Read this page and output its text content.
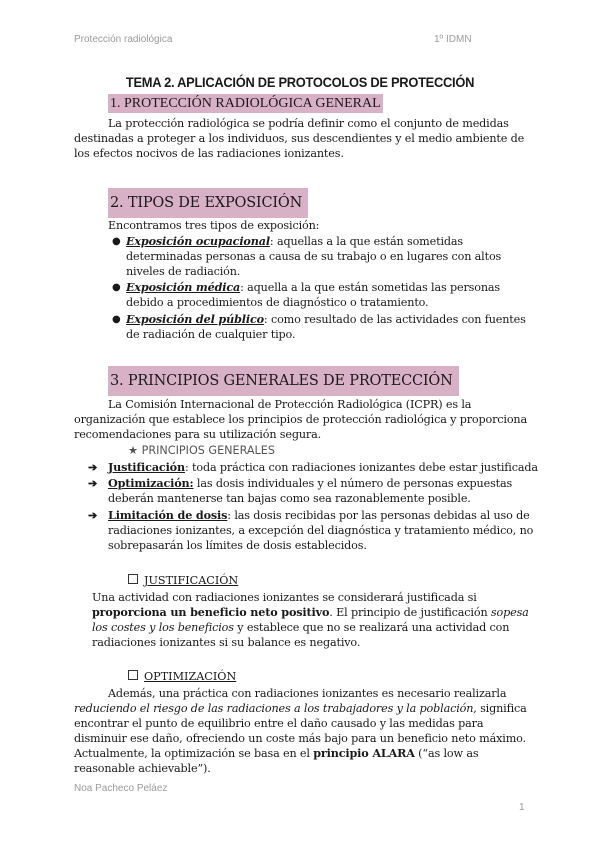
Protección radiológica	1º IDMN
TEMA 2. APLICACIÓN DE PROTOCOLOS DE PROTECCIÓN
1. PROTECCIÓN RADIOLÓGICA GENERAL

La protección radiológica se podría definir como el conjunto de medidas destinadas a proteger a los individuos, sus descendientes y el medio ambiente de los efectos nocivos de las radiaciones ionizantes.

2. TIPOS DE EXPOSICIÓN

Encontramos tres tipos de exposición:

● Exposición ocupacional: aquellas a la que están sometidas determinadas personas a causa de su trabajo o en lugares con altos niveles de radiación.
● Exposición médica: aquella a la que están sometidas las personas debido a procedimientos de diagnóstico o tratamiento.
● Exposición del público: como resultado de las actividades con fuentes de radiación de cualquier tipo.
3. PRINCIPIOS GENERALES DE PROTECCIÓN

La Comisión Internacional de Protección Radiológica (ICPR) es la organización que establece los principios de protección radiológica y proporciona recomendaciones para su utilización segura.

★ PRINCIPIOS GENERALES
➔ Justificación: toda práctica con radiaciones ionizantes debe estar justificada
➔ Optimización: las dosis individuales y el número de personas expuestas deberán mantenerse tan bajas como sea razonablemente posible.
➔ Limitación de dosis: las dosis recibidas por las personas debidas al uso de radiaciones ionizantes, a excepción del diagnóstica y tratamiento médico, no sobrepasarán los límites de dosis establecidos.
JUSTIFICACIÓN

Una actividad con radiaciones ionizantes se considerará justificada si proporciona un beneficio neto positivo. El principio de justificación sopesa los costes y los beneficios y establece que no se realizará una actividad con radiaciones ionizantes si su balance es negativo.

OPTIMIZACIÓN

Además, una práctica con radiaciones ionizantes es necesario realizarla reduciendo el riesgo de las radiaciones a los trabajadores y la población, significa encontrar el punto de equilibrio entre el daño causado y las medidas para disminuir ese daño, ofreciendo un coste más bajo para un beneficio neto máximo. Actualmente, la optimización se basa en el principio ALARA (“as low as reasonable achievable”).

Noa Pacheco Peláez
1
